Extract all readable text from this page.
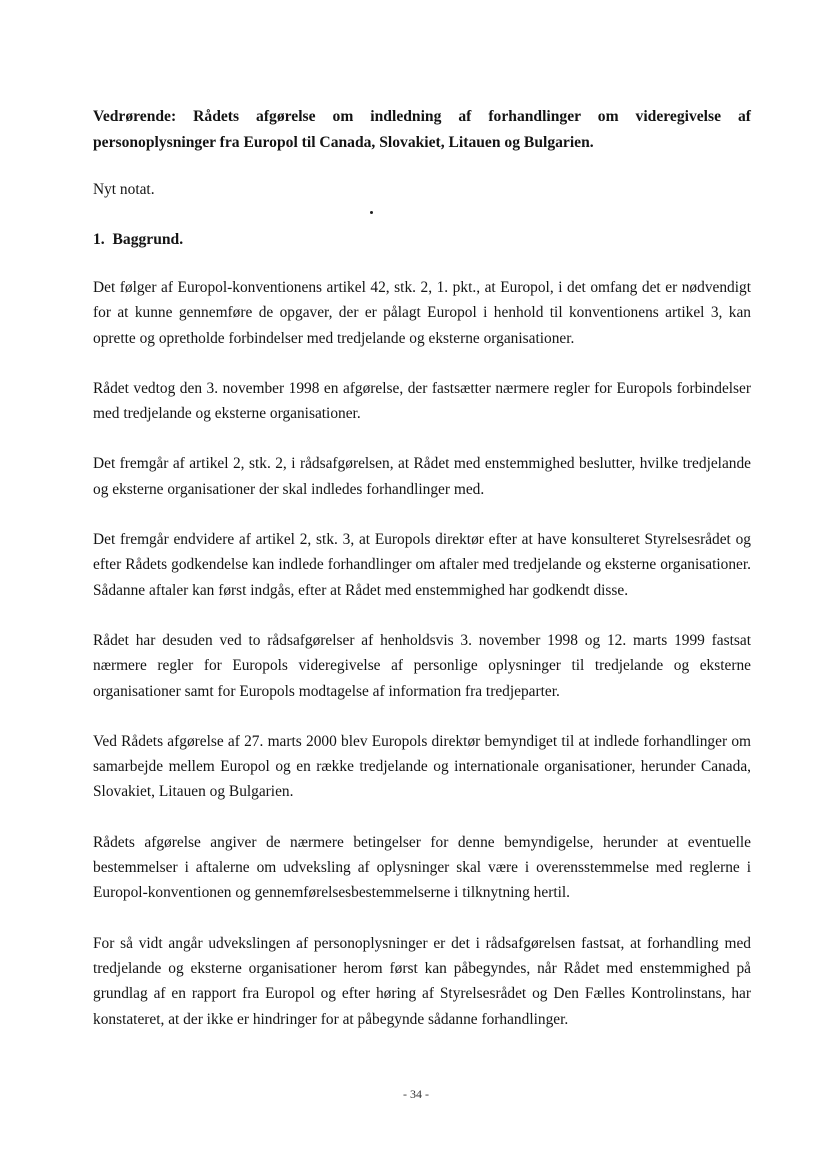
Vedrørende: Rådets afgørelse om indledning af forhandlinger om videregivelse af personoplysninger fra Europol til Canada, Slovakiet, Litauen og Bulgarien.

Nyt notat.

1. Baggrund.

Det følger af Europol-konventionens artikel 42, stk. 2, 1. pkt., at Europol, i det omfang det er nødvendigt for at kunne gennemføre de opgaver, der er pålagt Europol i henhold til konventionens artikel 3, kan oprette og opretholde forbindelser med tredjelande og eksterne organisationer.

Rådet vedtog den 3. november 1998 en afgørelse, der fastsætter nærmere regler for Europols forbindelser med tredjelande og eksterne organisationer.

Det fremgår af artikel 2, stk. 2, i rådsafgørelsen, at Rådet med enstemmighed beslutter, hvilke tredjelande og eksterne organisationer der skal indledes forhandlinger med.

Det fremgår endvidere af artikel 2, stk. 3, at Europols direktør efter at have konsulteret Styrelsesrådet og efter Rådets godkendelse kan indlede forhandlinger om aftaler med tredjelande og eksterne organisationer. Sådanne aftaler kan først indgås, efter at Rådet med enstemmighed har godkendt disse.

Rådet har desuden ved to rådsafgørelser af henholdsvis 3. november 1998 og 12. marts 1999 fastsat nærmere regler for Europols videregivelse af personlige oplysninger til tredjelande og eksterne organisationer samt for Europols modtagelse af information fra tredjeparter.

Ved Rådets afgørelse af 27. marts 2000 blev Europols direktør bemyndiget til at indlede forhandlinger om samarbejde mellem Europol og en række tredjelande og internationale organisationer, herunder Canada, Slovakiet, Litauen og Bulgarien.

Rådets afgørelse angiver de nærmere betingelser for denne bemyndigelse, herunder at eventuelle bestemmelser i aftalerne om udveksling af oplysninger skal være i overensstemmelse med reglerne i Europol-konventionen og gennemførelsesbestemmelserne i tilknytning hertil.

For så vidt angår udvekslingen af personoplysninger er det i rådsafgørelsen fastsat, at forhandling med tredjelande og eksterne organisationer herom først kan påbegyndes, når Rådet med enstemmighed på grundlag af en rapport fra Europol og efter høring af Styrelsesrådet og Den Fælles Kontrolinstans, har konstateret, at der ikke er hindringer for at påbegynde sådanne forhandlinger.

- 34 -
